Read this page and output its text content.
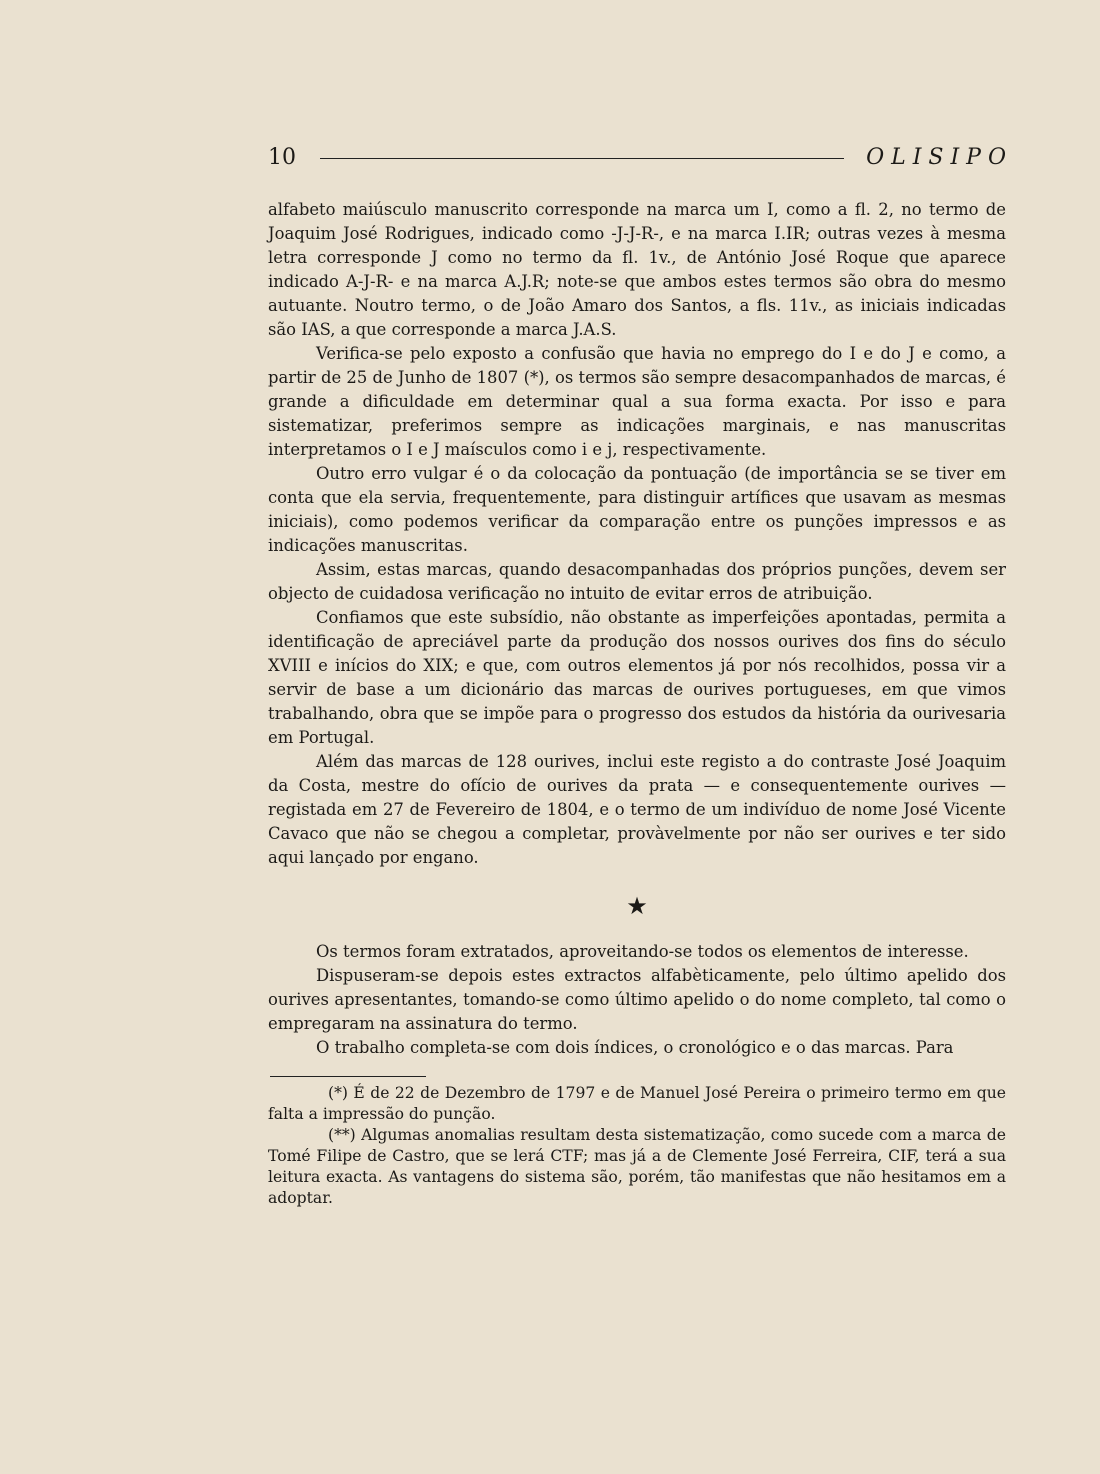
10	OLISIPO

alfabeto maiúsculo manuscrito corresponde na marca um I, como a fl. 2, no termo de Joaquim José Rodrigues, indicado como -J-J-R-, e na marca I.IR; outras vezes à mesma letra corresponde J como no termo da fl. 1v., de António José Roque que aparece indicado A-J-R- e na marca A.J.R; note-se que ambos estes termos são obra do mesmo autuante. Noutro termo, o de João Amaro dos Santos, a fls. 11v., as iniciais indicadas são IAS, a que corresponde a marca J.A.S.

Verifica-se pelo exposto a confusão que havia no emprego do I e do J e como, a partir de 25 de Junho de 1807 (*), os termos são sempre desacompanhados de marcas, é grande a dificuldade em determinar qual a sua forma exacta. Por isso e para sistematizar, preferimos sempre as indicações marginais, e nas manuscritas interpretamos o I e J maísculos como i e j, respectivamente.

Outro erro vulgar é o da colocação da pontuação (de importância se se tiver em conta que ela servia, frequentemente, para distinguir artífices que usavam as mesmas iniciais), como podemos verificar da comparação entre os punções impressos e as indicações manuscritas.

Assim, estas marcas, quando desacompanhadas dos próprios punções, devem ser objecto de cuidadosa verificação no intuito de evitar erros de atribuição.

Confiamos que este subsídio, não obstante as imperfeições apontadas, permita a identificação de apreciável parte da produção dos nossos ourives dos fins do século XVIII e inícios do XIX; e que, com outros elementos já por nós recolhidos, possa vir a servir de base a um dicionário das marcas de ourives portugueses, em que vimos trabalhando, obra que se impõe para o progresso dos estudos da história da ourivesaria em Portugal.

Além das marcas de 128 ourives, inclui este registo a do contraste José Joaquim da Costa, mestre do ofício de ourives da prata — e consequentemente ourives — registada em 27 de Fevereiro de 1804, e o termo de um indivíduo de nome José Vicente Cavaco que não se chegou a completar, provàvelmente por não ser ourives e ter sido aqui lançado por engano.

★

Os termos foram extratados, aproveitando-se todos os elementos de interesse.

Dispuseram-se depois estes extractos alfabèticamente, pelo último apelido dos ourives apresentantes, tomando-se como último apelido o do nome completo, tal como o empregaram na assinatura do termo.

O trabalho completa-se com dois índices, o cronológico e o das marcas. Para

(*) É de 22 de Dezembro de 1797 e de Manuel José Pereira o primeiro termo em que falta a impressão do punção.

(**) Algumas anomalias resultam desta sistematização, como sucede com a marca de Tomé Filipe de Castro, que se lerá CTF; mas já a de Clemente José Ferreira, CIF, terá a sua leitura exacta. As vantagens do sistema são, porém, tão manifestas que não hesitamos em a adoptar.
